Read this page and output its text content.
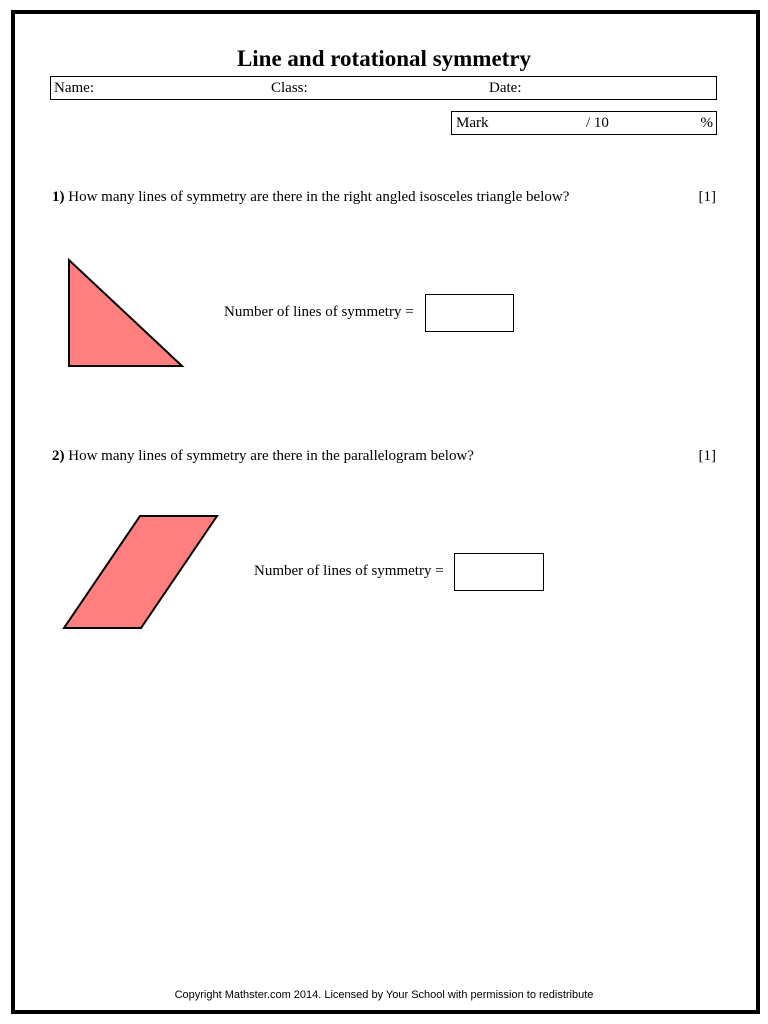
Line and rotational symmetry
Name:	Class:	Date:
Mark	/ 10	%
1) How many lines of symmetry are there in the right angled isosceles triangle below?	[1]
Number of lines of symmetry =
2) How many lines of symmetry are there in the parallelogram below?	[1]
Number of lines of symmetry =
Copyright Mathster.com 2014. Licensed by Your School with permission to redistribute
